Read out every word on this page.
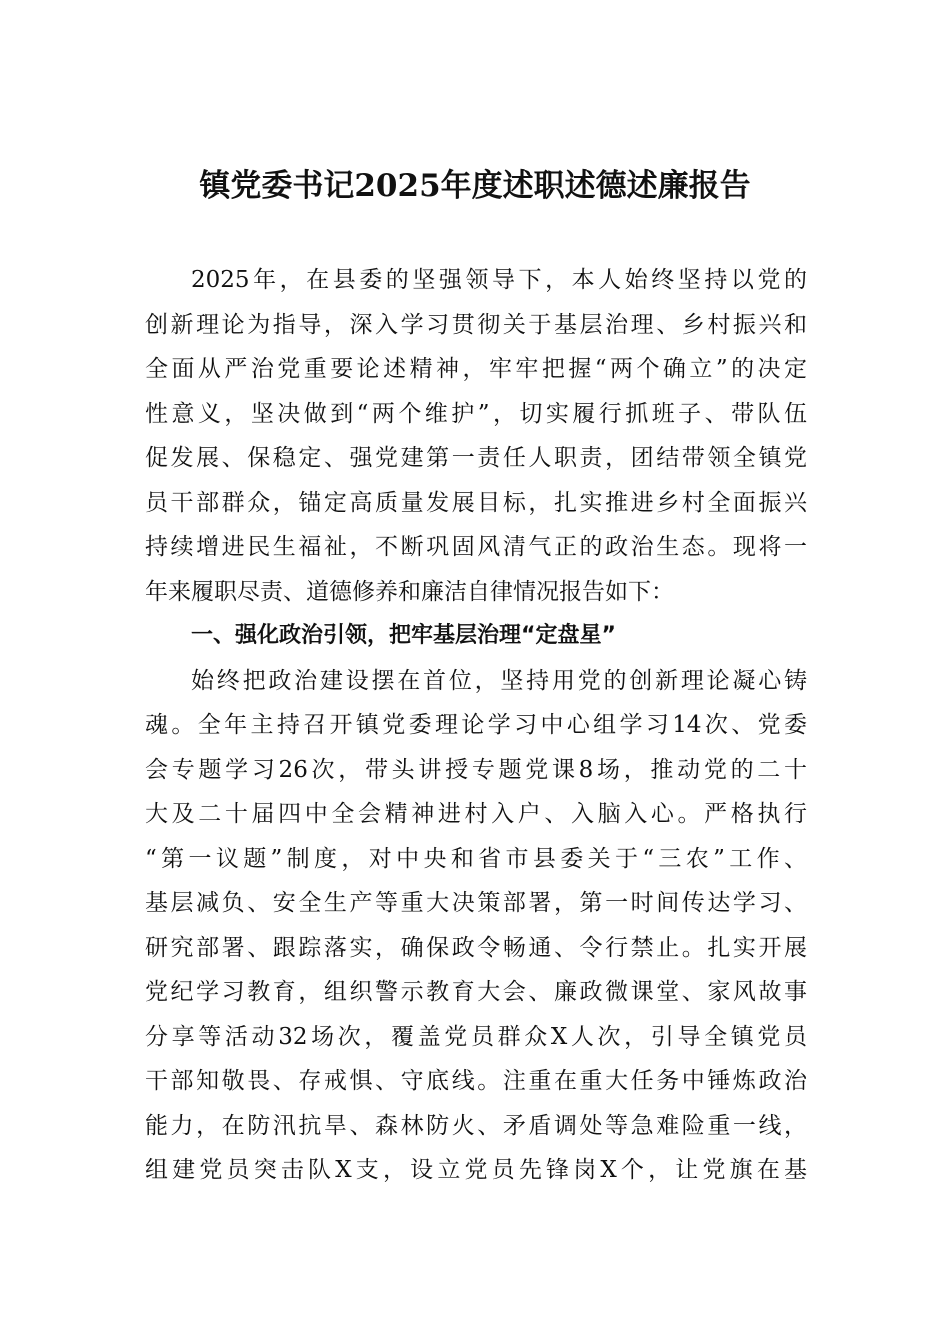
镇党委书记2025年度述职述德述廉报告
2025年，在县委的坚强领导下，本人始终坚持以党的
创新理论为指导，深入学习贯彻关于基层治理、乡村振兴和
全面从严治党重要论述精神，牢牢把握“两个确立”的决定
性意义，坚决做到“两个维护”，切实履行抓班子、带队伍
促发展、保稳定、强党建第一责任人职责，团结带领全镇党
员干部群众，锚定高质量发展目标，扎实推进乡村全面振兴
持续增进民生福祉，不断巩固风清气正的政治生态。现将一
年来履职尽责、道德修养和廉洁自律情况报告如下：
一、强化政治引领，把牢基层治理“定盘星”
始终把政治建设摆在首位，坚持用党的创新理论凝心铸
魂。全年主持召开镇党委理论学习中心组学习14次、党委
会专题学习26次，带头讲授专题党课8场，推动党的二十
大及二十届四中全会精神进村入户、入脑入心。严格执行
“第一议题”制度，对中央和省市县委关于“三农”工作、
基层减负、安全生产等重大决策部署，第一时间传达学习、
研究部署、跟踪落实，确保政令畅通、令行禁止。扎实开展
党纪学习教育，组织警示教育大会、廉政微课堂、家风故事
分享等活动32场次，覆盖党员群众X人次，引导全镇党员
干部知敬畏、存戒惧、守底线。注重在重大任务中锤炼政治
能力，在防汛抗旱、森林防火、矛盾调处等急难险重一线，
组建党员突击队X支，设立党员先锋岗X个，让党旗在基
